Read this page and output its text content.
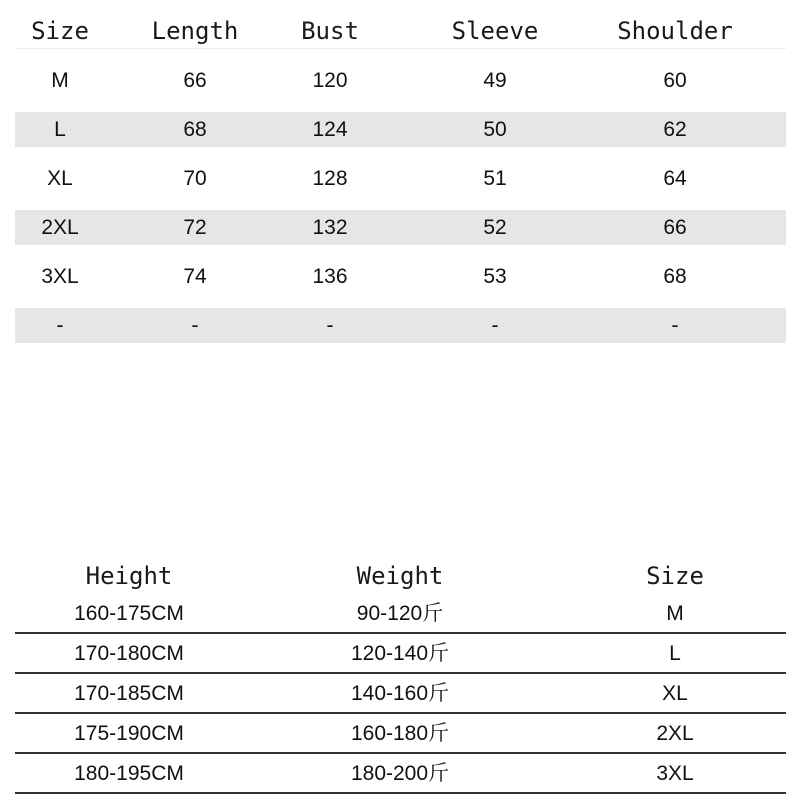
Size	Length	Bust	Sleeve	Shoulder
M	66	120	49	60
L	68	124	50	62
XL	70	128	51	64
2XL	72	132	52	66
3XL	74	136	53	68
-	-	-	-	-
Height	Weight	Size
160-175CM	90-120斤	M
170-180CM	120-140斤	L
170-185CM	140-160斤	XL
175-190CM	160-180斤	2XL
180-195CM	180-200斤	3XL
